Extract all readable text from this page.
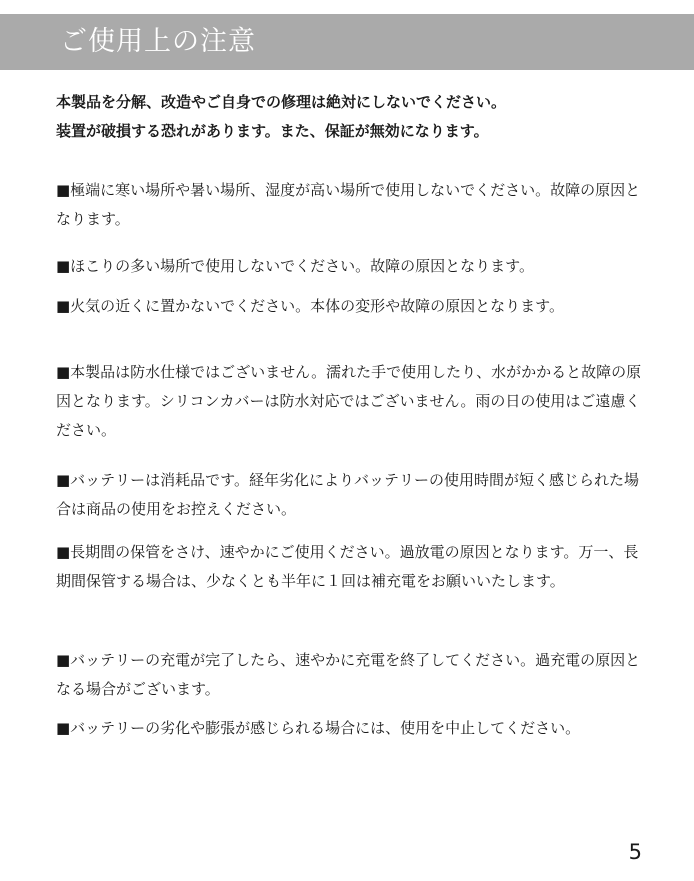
ご使用上の注意
本製品を分解、改造やご自身での修理は絶対にしないでください。
装置が破損する恐れがあります。また、保証が無効になります。
■極端に寒い場所や暑い場所、湿度が高い場所で使用しないでください。故障の原因となります。
■ほこりの多い場所で使用しないでください。故障の原因となります。
■火気の近くに置かないでください。本体の変形や故障の原因となります。
■本製品は防水仕様ではございません。濡れた手で使用したり、水がかかると故障の原因となります。シリコンカバーは防水対応ではございません。雨の日の使用はご遠慮ください。
■バッテリーは消耗品です。経年劣化によりバッテリーの使用時間が短く感じられた場合は商品の使用をお控えください。
■長期間の保管をさけ、速やかにご使用ください。過放電の原因となります。万一、長期間保管する場合は、少なくとも半年に１回は補充電をお願いいたします。
■バッテリーの充電が完了したら、速やかに充電を終了してください。過充電の原因となる場合がございます。
■バッテリーの劣化や膨張が感じられる場合には、使用を中止してください。
5
